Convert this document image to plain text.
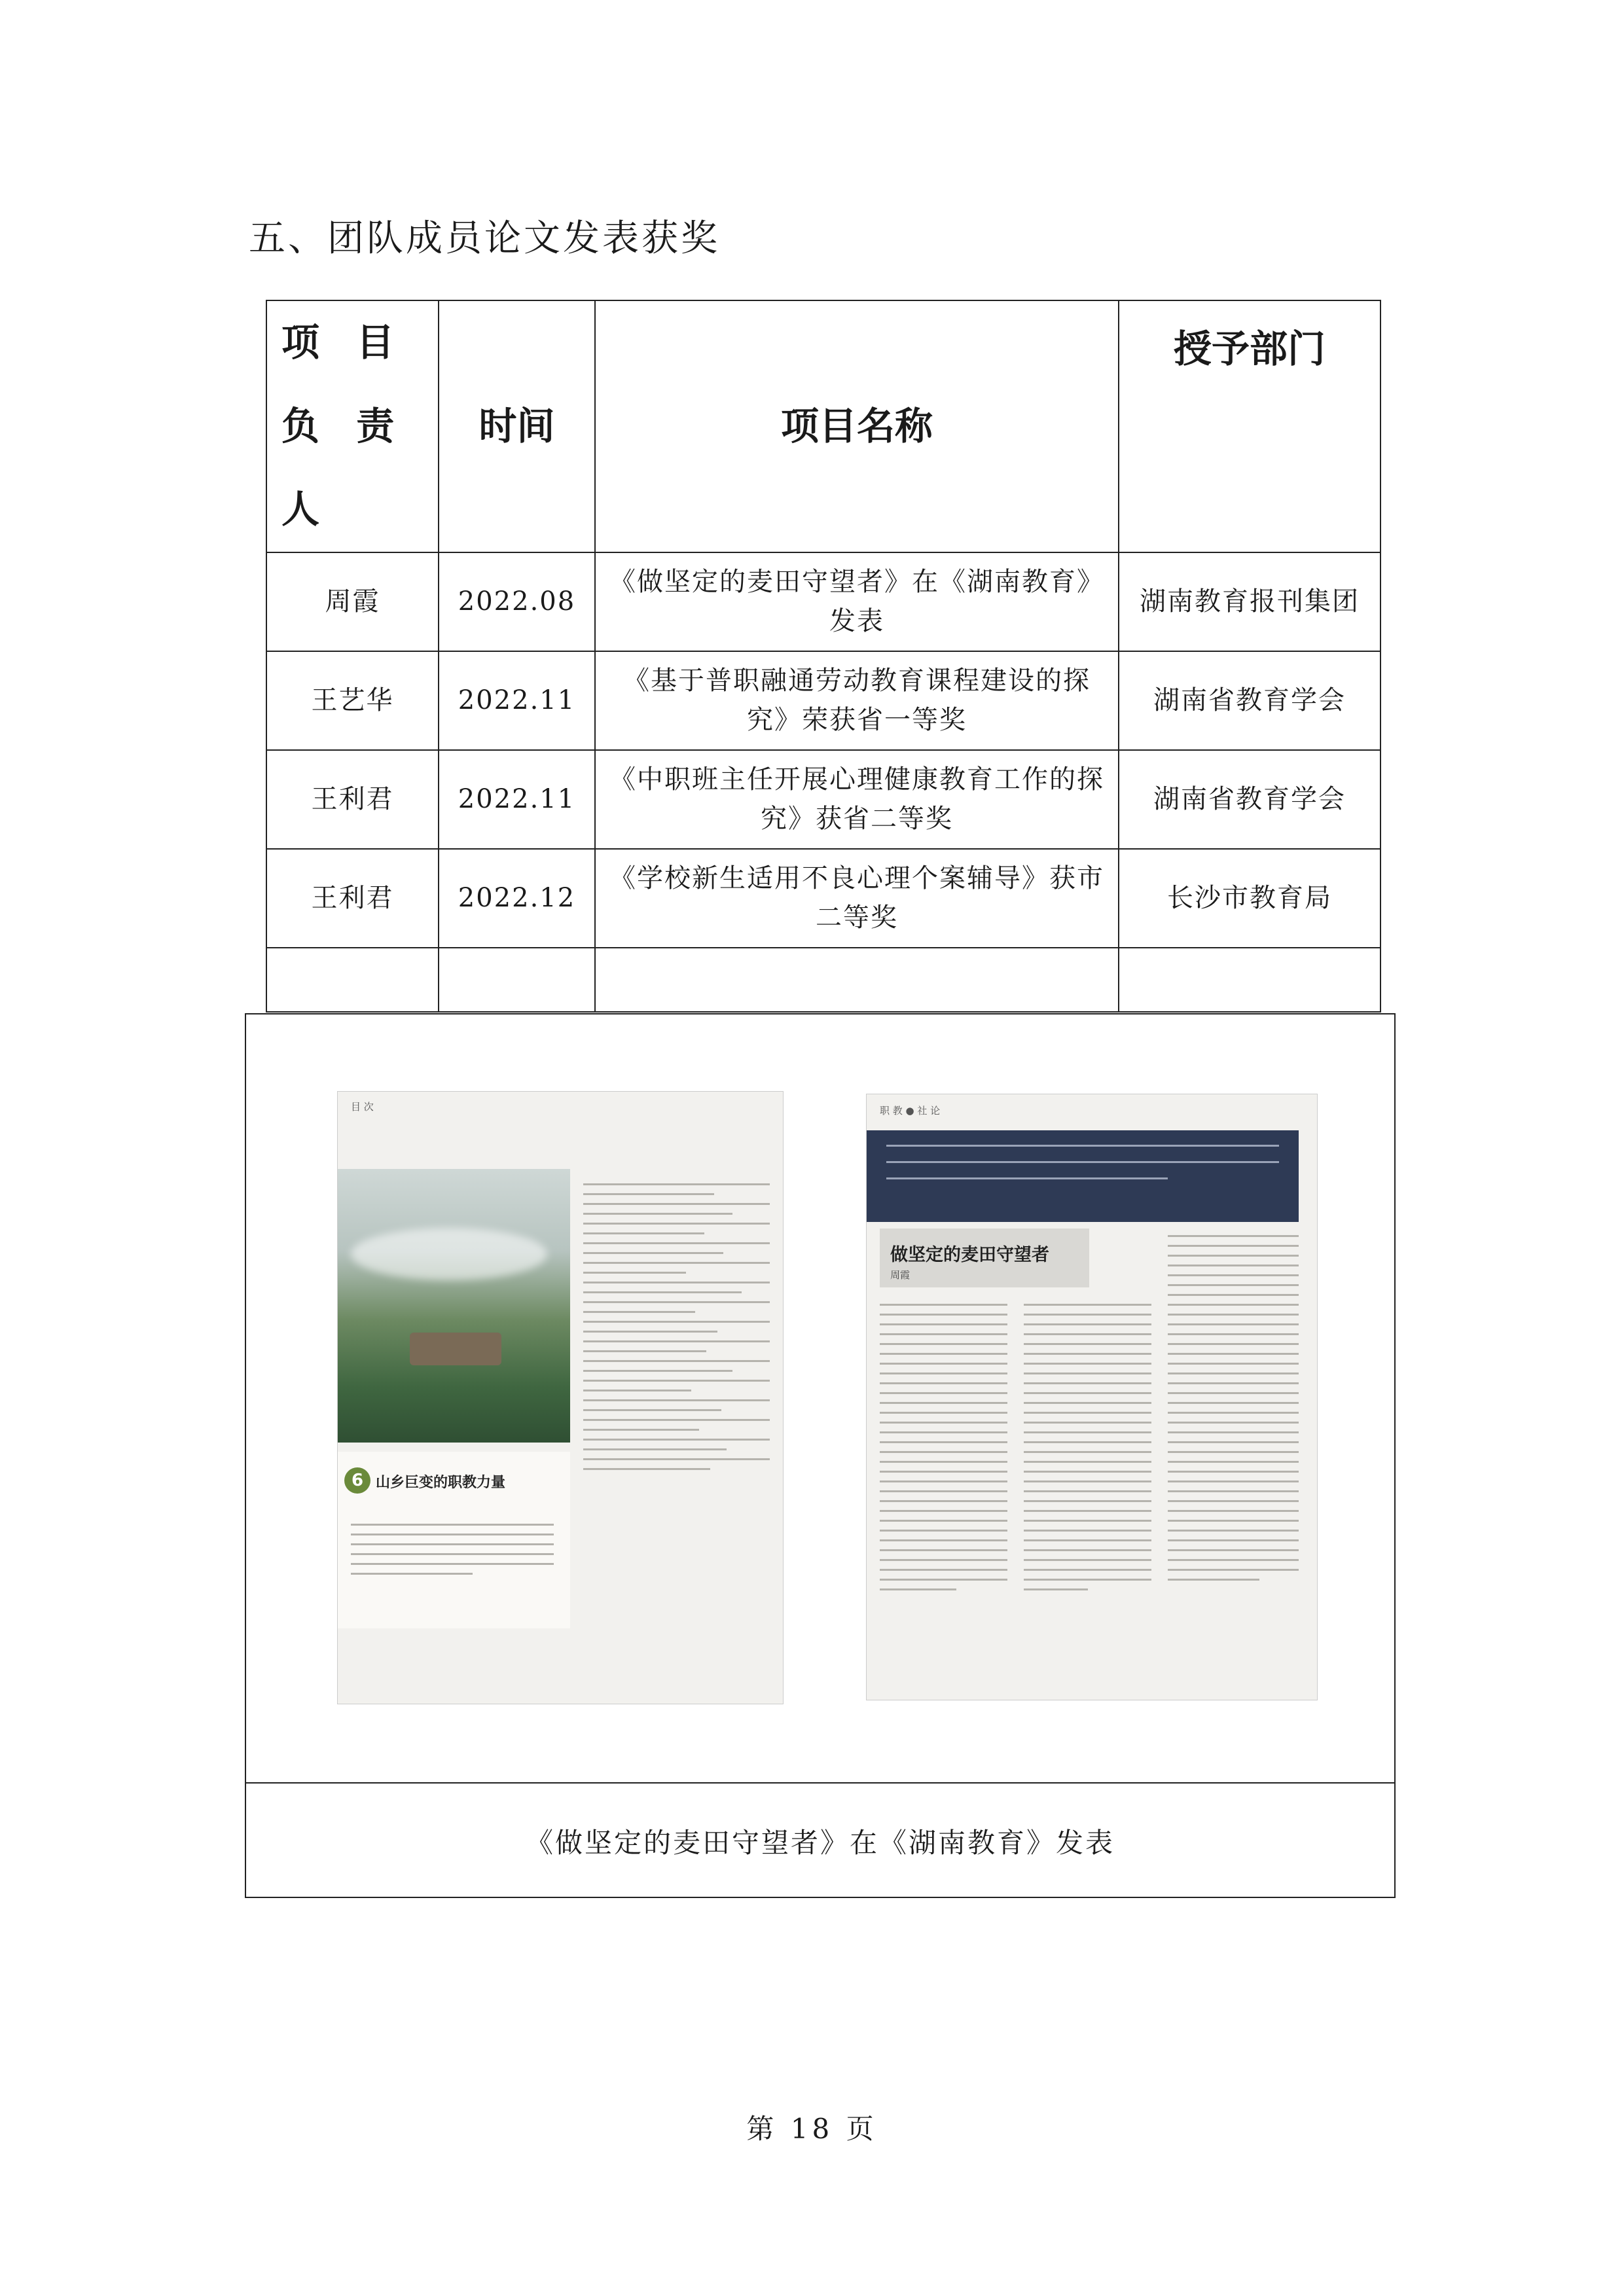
五、团队成员论文发表获奖
项 目 负 责人	时间	项目名称	授予部门
周霞	2022.08	《做坚定的麦田守望者》在《湖南教育》发表	湖南教育报刊集团
王艺华	2022.11	《基于普职融通劳动教育课程建设的探究》荣获省一等奖	湖南省教育学会
王利君	2022.11	《中职班主任开展心理健康教育工作的探究》获省二等奖	湖南省教育学会
王利君	2022.12	《学校新生适用不良心理个案辅导》获市二等奖	长沙市教育局

目 次
6 山乡巨变的职教力量
职 教 ● 社 论
做坚定的麦田守望者
周霞
《做坚定的麦田守望者》在《湖南教育》发表
第 18 页
